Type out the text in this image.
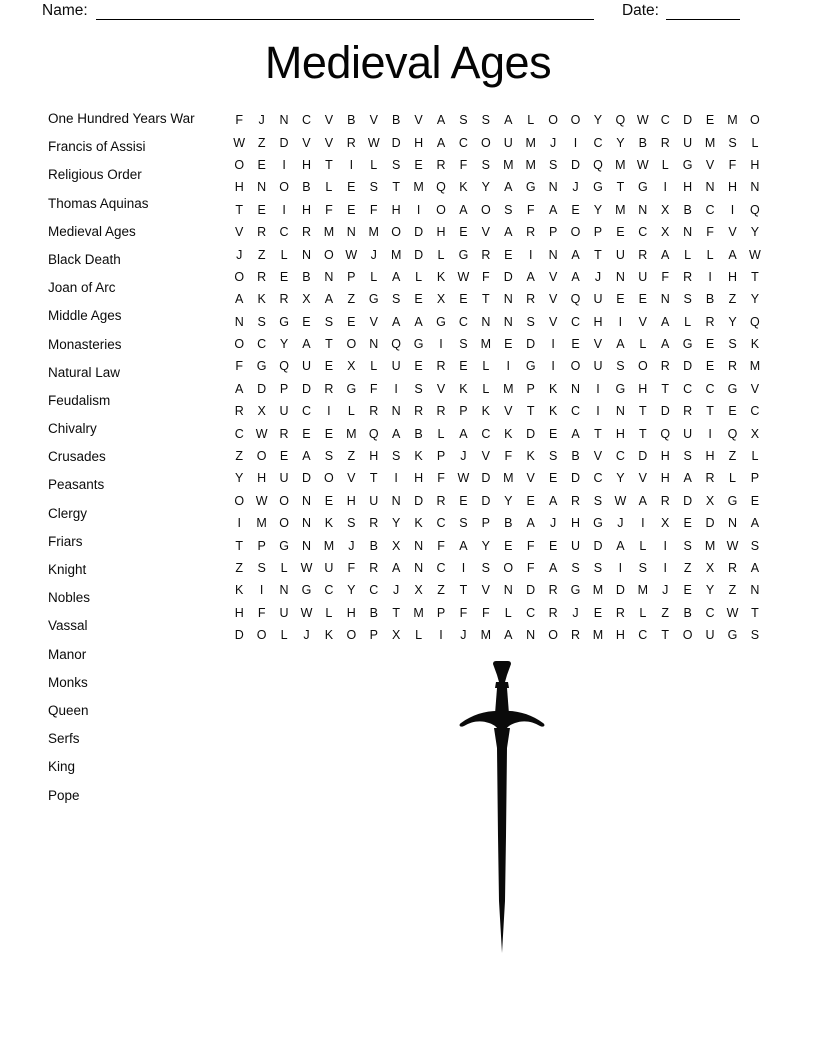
Name:	Date:
Medieval Ages
One Hundred Years War
Francis of Assisi
Religious Order
Thomas Aquinas
Medieval Ages
Black Death
Joan of Arc
Middle Ages
Monasteries
Natural Law
Feudalism
Chivalry
Crusades
Peasants
Clergy
Friars
Knight
Nobles
Vassal
Manor
Monks
Queen
Serfs
King
Pope
F	J	N	C	V	B	V	B	V	A	S	S	A	L	O	O	Y	Q W C	D	E	M O
W	Z	D	V	V	R W D	H	A	C	O	U	M	J	I	C	Y	B	R	U	M	S	L
O	E	I	H	T	I	L	S	E	R	F	S	M M	S	D	Q M W	L	G	V	F	H
H	N	O	B	L	E	S	T	M Q	K	Y	A	G	N	J	G	T	G	I	H	N	H	N
T	E	I	H	F	E	F	H	I	O	A	O	S	F	A	E	Y	M	N	X	B	C	I	Q
V	R	C	R	M	N	M O	D	H	E	V	A	R	P	O	P	E	C	X	N	F	V	Y
J	Z	L	N	O W	J	M	D	L	G	R	E	I	N	A	T	U	R	A	L	L	A W
O	R	E	B	N	P	L	A	L	K W	F	D	A	V	A	J	N	U	F	R	I	H	T
A	K	R	X	A	Z	G	S	E	X	E	T	N	R	V	Q	U	E	E	N	S	B	Z	Y
N	S	G	E	S	E	V	A	A	G	C	N	N	S	V	C	H	I	V	A	L	R	Y	Q
O	C	Y	A	T	O	N	Q	G	I	S	M	E	D	I	E	V	A	L	A	G	E	S	K
F	G	Q	U	E	X	L	U	E	R	E	L	I	G	I	O	U	S	O	R	D	E	R	M
A	D	P	D	R	G	F	I	S	V	K	L	M	P	K	N	I	G	H	T	C	C	G	V
R	X	U	C	I	L	R	N	R	R	P	K	V	T	K	C	I	N	T	D	R	T	E	C
C W R	E	E	M Q	A	B	L	A	C	K	D	E	A	T	H	T	Q	U	I	Q	X
Z	O	E	A	S	Z	H	S	K	P	J	V	F	K	S	B	V	C	D	H	S	H	Z	L
Y	H	U	D	O	V	T	I	H	F	W D	M	V	E	D	C	Y	V	H	A	R	L	P
O W O	N	E	H	U	N	D	R	E	D	Y	E	A	R	S W A	R	D	X	G	E
I	M O	N	K	S	R	Y	K	C	S	P	B	A	J	H	G	J	I	X	E	D	N	A
T	P	G	N	M	J	B	X	N	F	A	Y	E	F	E	U	D	A	L	I	S	M W S
Z	S	L	W U	F	R	A	N	C	I	S	O	F	A	S	S	I	S	I	Z	X	R	A
K	I	N	G	C	Y	C	J	X	Z	T	V	N	D	R	G M	D	M	J	E	Y	Z	N
H	F	U W	L	H	B	T	M	P	F	F	L	C	R	J	E	R	L	Z	B	C W	T
D	O	L	J	K	O	P	X	L	I	J	M	A	N	O	R	M	H	C	T	O	U	G	S
